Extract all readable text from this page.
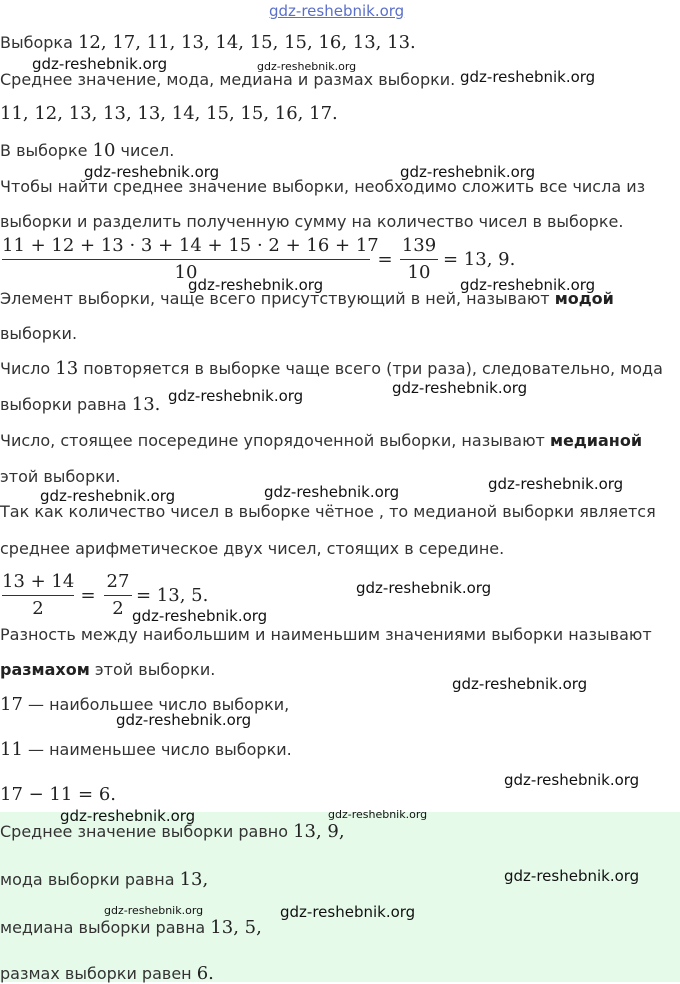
gdz-reshebnik.org
Выборка 12, 17, 11, 13, 14, 15, 15, 16, 13, 13.
gdz-reshebnik.org	gdz-reshebnik.org
Среднее значение, мода, медиана и размах выборки. gdz-reshebnik.org
11, 12, 13, 13, 13, 14, 15, 15, 16, 17.
В выборке 10 чисел.
gdz-reshebnik.org	gdz-reshebnik.org
Чтобы найти среднее значение выборки, необходимо сложить все числа из
выборки и разделить полученную сумму на количество чисел в выборке.
11 + 12 + 13 · 3 + 14 + 15 · 2 + 16 + 17
10
=
139
10
= 13, 9.
gdz-reshebnik.org	gdz-reshebnik.org
Элемент выборки, чаще всего присутствующий в ней, называют модой
выборки.
Число 13 повторяется в выборке чаще всего (три раза), следовательно, мода
gdz-reshebnik.org
gdz-reshebnik.org
выборки равна 13.
Число, стоящее посередине упорядоченной выборки, называют медианой
этой выборки.	gdz-reshebnik.org
gdz-reshebnik.org	gdz-reshebnik.org
Так как количество чисел в выборке чётное , то медианой выборки является
среднее арифметическое двух чисел, стоящих в середине.
13 + 14
2
=
27
2
= 13, 5.	gdz-reshebnik.org
gdz-reshebnik.org
Разность между наибольшим и наименьшим значениями выборки называют
размахом этой выборки.
gdz-reshebnik.org
17 — наибольшее число выборки,
gdz-reshebnik.org
11 — наименьшее число выборки.
gdz-reshebnik.org
17 − 11 = 6.
gdz-reshebnik.org	gdz-reshebnik.org
Среднее значение выборки равно 13, 9,
gdz-reshebnik.org
мода выборки равна 13,
gdz-reshebnik.org	gdz-reshebnik.org
медиана выборки равна 13, 5,
размах выборки равен 6.
